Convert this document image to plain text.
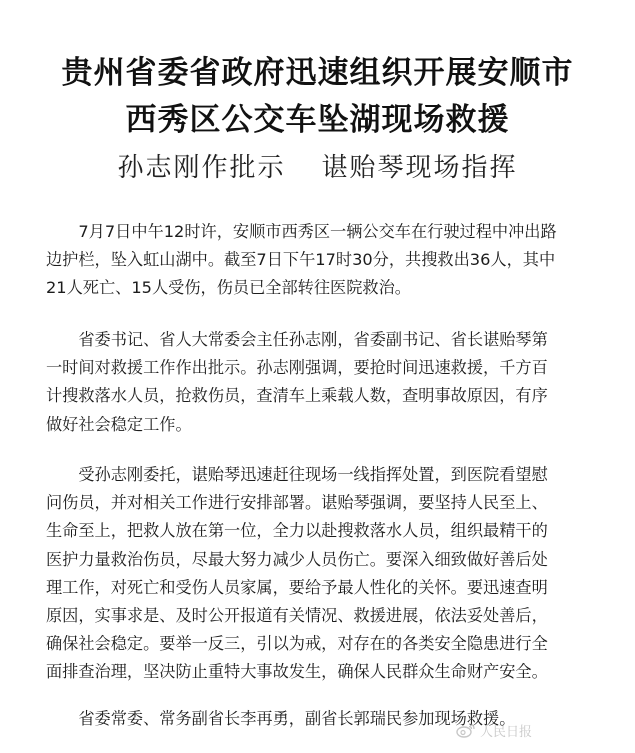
贵州省委省政府迅速组织开展安顺市
西秀区公交车坠湖现场救援
孙志刚作批示 谌贻琴现场指挥
　　7月7日中午12时许，安顺市西秀区一辆公交车在行驶过程中冲出路
边护栏，坠入虹山湖中。截至7日下午17时30分，共搜救出36人，其中
21人死亡、15人受伤，伤员已全部转往医院救治。
　　省委书记、省人大常委会主任孙志刚，省委副书记、省长谌贻琴第
一时间对救援工作作出批示。孙志刚强调，要抢时间迅速救援，千方百
计搜救落水人员，抢救伤员，查清车上乘载人数，查明事故原因，有序
做好社会稳定工作。
　　受孙志刚委托，谌贻琴迅速赶往现场一线指挥处置，到医院看望慰
问伤员，并对相关工作进行安排部署。谌贻琴强调，要坚持人民至上、
生命至上，把救人放在第一位，全力以赴搜救落水人员，组织最精干的
医护力量救治伤员，尽最大努力减少人员伤亡。要深入细致做好善后处
理工作，对死亡和受伤人员家属，要给予最人性化的关怀。要迅速查明
原因，实事求是、及时公开报道有关情况、救援进展，依法妥处善后，
确保社会稳定。要举一反三，引以为戒，对存在的各类安全隐患进行全
面排查治理，坚决防止重特大事故发生，确保人民群众生命财产安全。
　　省委常委、常务副省长李再勇，副省长郭瑞民参加现场救援。
人民日报
